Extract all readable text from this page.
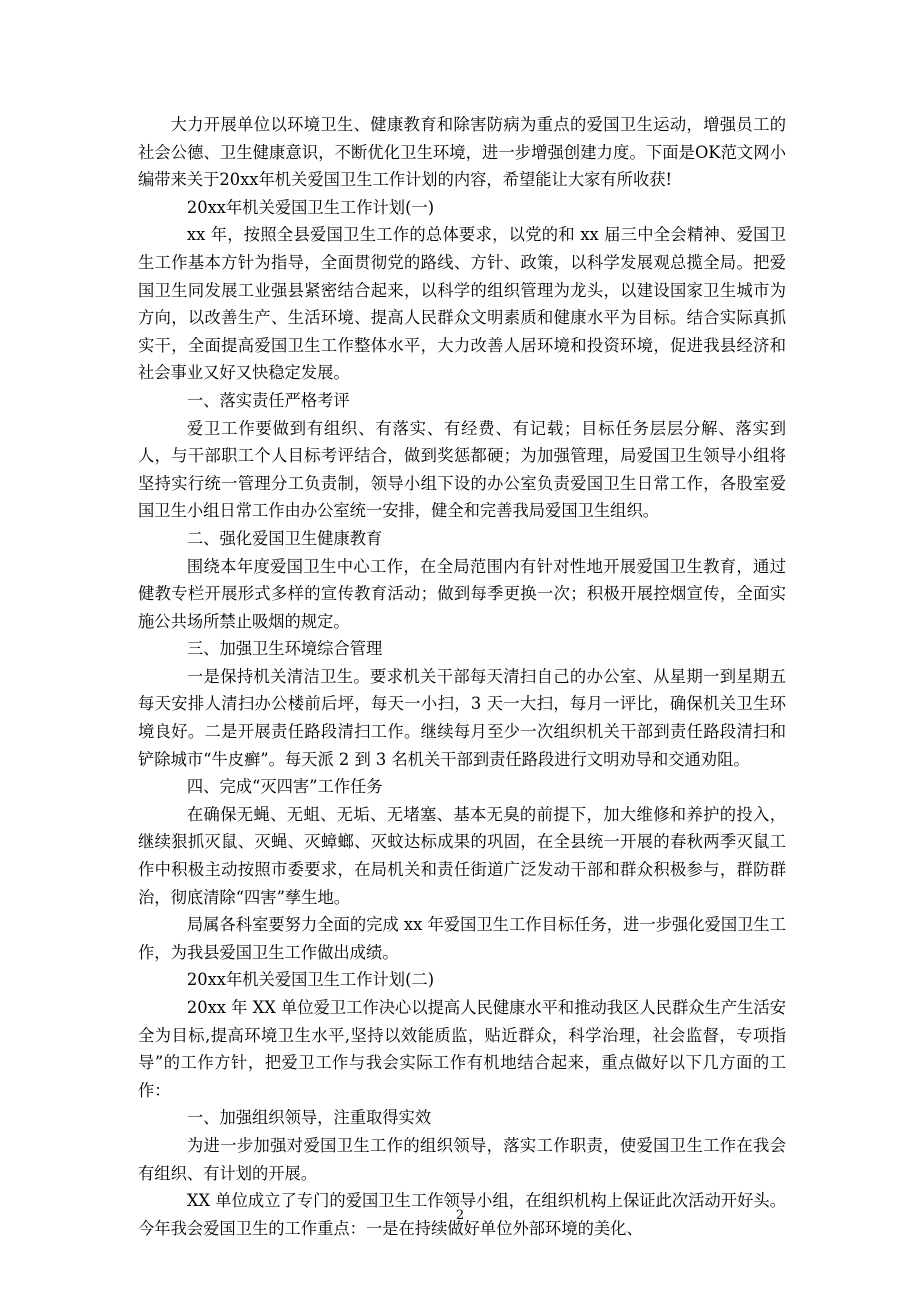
大力开展单位以环境卫生、健康教育和除害防病为重点的爱国卫生运动，增强员工的社会公德、卫生健康意识，不断优化卫生环境，进一步增强创建力度。下面是OK范文网小编带来关于20xx年机关爱国卫生工作计划的内容，希望能让大家有所收获!

20xx年机关爱国卫生工作计划(一)

xx 年，按照全县爱国卫生工作的总体要求，以党的和 xx 届三中全会精神、爱国卫生工作基本方针为指导，全面贯彻党的路线、方针、政策，以科学发展观总揽全局。把爱国卫生同发展工业强县紧密结合起来，以科学的组织管理为龙头，以建设国家卫生城市为方向，以改善生产、生活环境、提高人民群众文明素质和健康水平为目标。结合实际真抓实干，全面提高爱国卫生工作整体水平，大力改善人居环境和投资环境，促进我县经济和社会事业又好又快稳定发展。

一、落实责任严格考评

爱卫工作要做到有组织、有落实、有经费、有记载；目标任务层层分解、落实到人，与干部职工个人目标考评结合，做到奖惩都硬；为加强管理，局爱国卫生领导小组将坚持实行统一管理分工负责制，领导小组下设的办公室负责爱国卫生日常工作，各股室爱国卫生小组日常工作由办公室统一安排，健全和完善我局爱国卫生组织。

二、强化爱国卫生健康教育

围绕本年度爱国卫生中心工作，在全局范围内有针对性地开展爱国卫生教育，通过健教专栏开展形式多样的宣传教育活动；做到每季更换一次；积极开展控烟宣传，全面实施公共场所禁止吸烟的规定。

三、加强卫生环境综合管理

一是保持机关清洁卫生。要求机关干部每天清扫自己的办公室、从星期一到星期五每天安排人清扫办公楼前后坪，每天一小扫，3 天一大扫，每月一评比，确保机关卫生环境良好。二是开展责任路段清扫工作。继续每月至少一次组织机关干部到责任路段清扫和铲除城市“牛皮癣”。每天派 2 到 3 名机关干部到责任路段进行文明劝导和交通劝阻。

四、完成“灭四害”工作任务

在确保无蝇、无蛆、无垢、无堵塞、基本无臭的前提下，加大维修和养护的投入，继续狠抓灭鼠、灭蝇、灭蟑螂、灭蚊达标成果的巩固，在全县统一开展的春秋两季灭鼠工作中积极主动按照市委要求，在局机关和责任街道广泛发动干部和群众积极参与，群防群治，彻底清除“四害”孳生地。

局属各科室要努力全面的完成 xx 年爱国卫生工作目标任务，进一步强化爱国卫生工作，为我县爱国卫生工作做出成绩。

20xx年机关爱国卫生工作计划(二)

20xx 年 XX 单位爱卫工作决心以提高人民健康水平和推动我区人民群众生产生活安全为目标,提高环境卫生水平,坚持以效能质监，贴近群众，科学治理，社会监督，专项指导”的工作方针，把爱卫工作与我会实际工作有机地结合起来，重点做好以下几方面的工作：

一、加强组织领导，注重取得实效

为进一步加强对爱国卫生工作的组织领导，落实工作职责，使爱国卫生工作在我会有组织、有计划的开展。

XX 单位成立了专门的爱国卫生工作领导小组，在组织机构上保证此次活动开好头。今年我会爱国卫生的工作重点：一是在持续做好单位外部环境的美化、

2
